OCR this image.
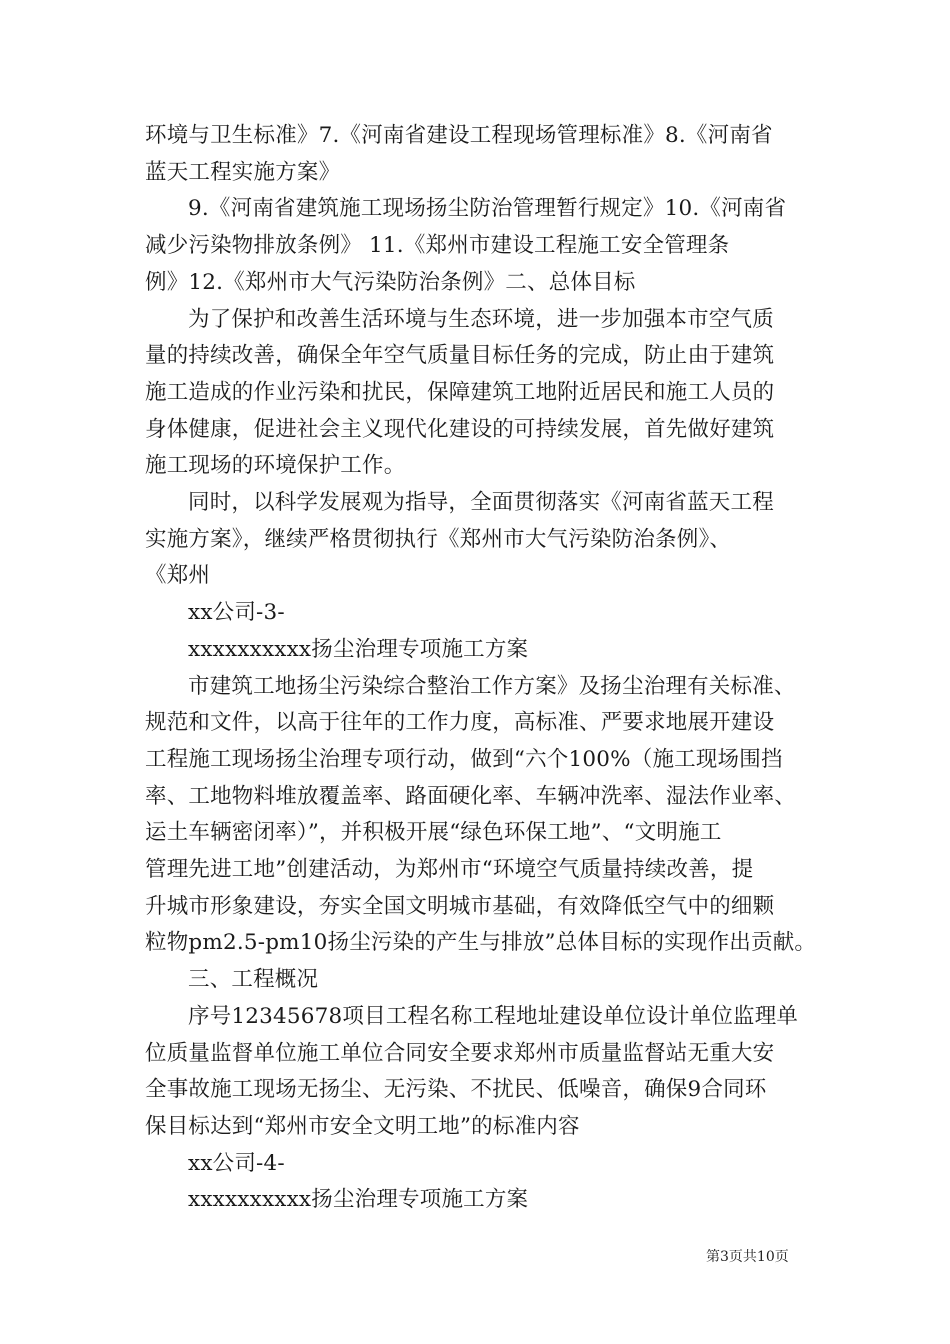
环境与卫生标准》7.《河南省建设工程现场管理标准》8.《河南省
蓝天工程实施方案》
9.《河南省建筑施工现场扬尘防治管理暂行规定》10.《河南省
减少污染物排放条例》 11.《郑州市建设工程施工安全管理条
例》12.《郑州市大气污染防治条例》二、总体目标
为了保护和改善生活环境与生态环境，进一步加强本市空气质
量的持续改善，确保全年空气质量目标任务的完成，防止由于建筑
施工造成的作业污染和扰民，保障建筑工地附近居民和施工人员的
身体健康，促进社会主义现代化建设的可持续发展，首先做好建筑
施工现场的环境保护工作。
同时，以科学发展观为指导，全面贯彻落实《河南省蓝天工程
实施方案》，继续严格贯彻执行《郑州市大气污染防治条例》、
《郑州
xx公司-3-
xxxxxxxxxx扬尘治理专项施工方案
市建筑工地扬尘污染综合整治工作方案》及扬尘治理有关标准、
规范和文件，以高于往年的工作力度，高标准、严要求地展开建设
工程施工现场扬尘治理专项行动，做到“六个100%（施工现场围挡
率、工地物料堆放覆盖率、路面硬化率、车辆冲洗率、湿法作业率、
运土车辆密闭率）”，并积极开展“绿色环保工地”、“文明施工
管理先进工地”创建活动，为郑州市“环境空气质量持续改善，提
升城市形象建设，夯实全国文明城市基础，有效降低空气中的细颗
粒物pm2.5-pm10扬尘污染的产生与排放”总体目标的实现作出贡献。
三、工程概况
序号12345678项目工程名称工程地址建设单位设计单位监理单
位质量监督单位施工单位合同安全要求郑州市质量监督站无重大安
全事故施工现场无扬尘、无污染、不扰民、低噪音，确保9合同环
保目标达到“郑州市安全文明工地”的标准内容
xx公司-4-
xxxxxxxxxx扬尘治理专项施工方案
第3页共10页
